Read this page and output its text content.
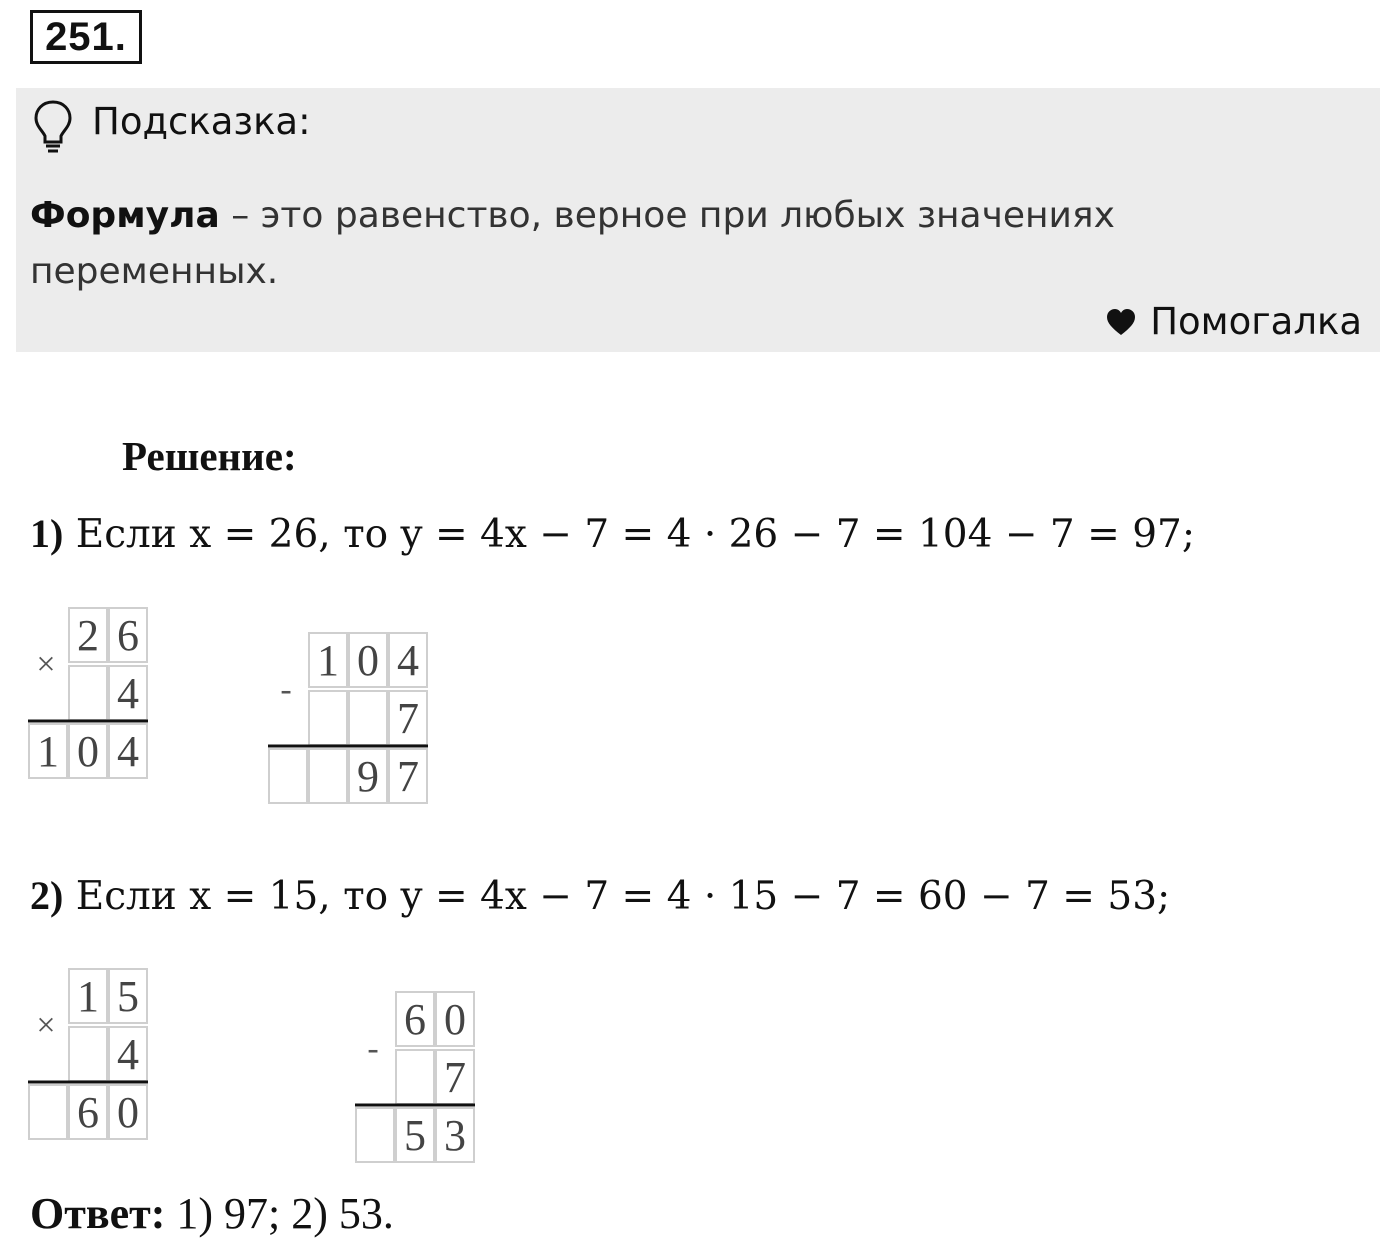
251.
Подсказка:
Формула – это равенство, верное при любых значениях переменных.
Помогалка
Решение:
1) Если x = 26, то y = 4x − 7 = 4 · 26 − 7 = 104 − 7 = 97;
2 6
4
1 0 4
×	1 0 4
7
9 7
-
2) Если x = 15, то y = 4x − 7 = 4 · 15 − 7 = 60 − 7 = 53;
1 5
4
6 0
×	6 0
7
5 3
-
Ответ: 1) 97; 2) 53.
